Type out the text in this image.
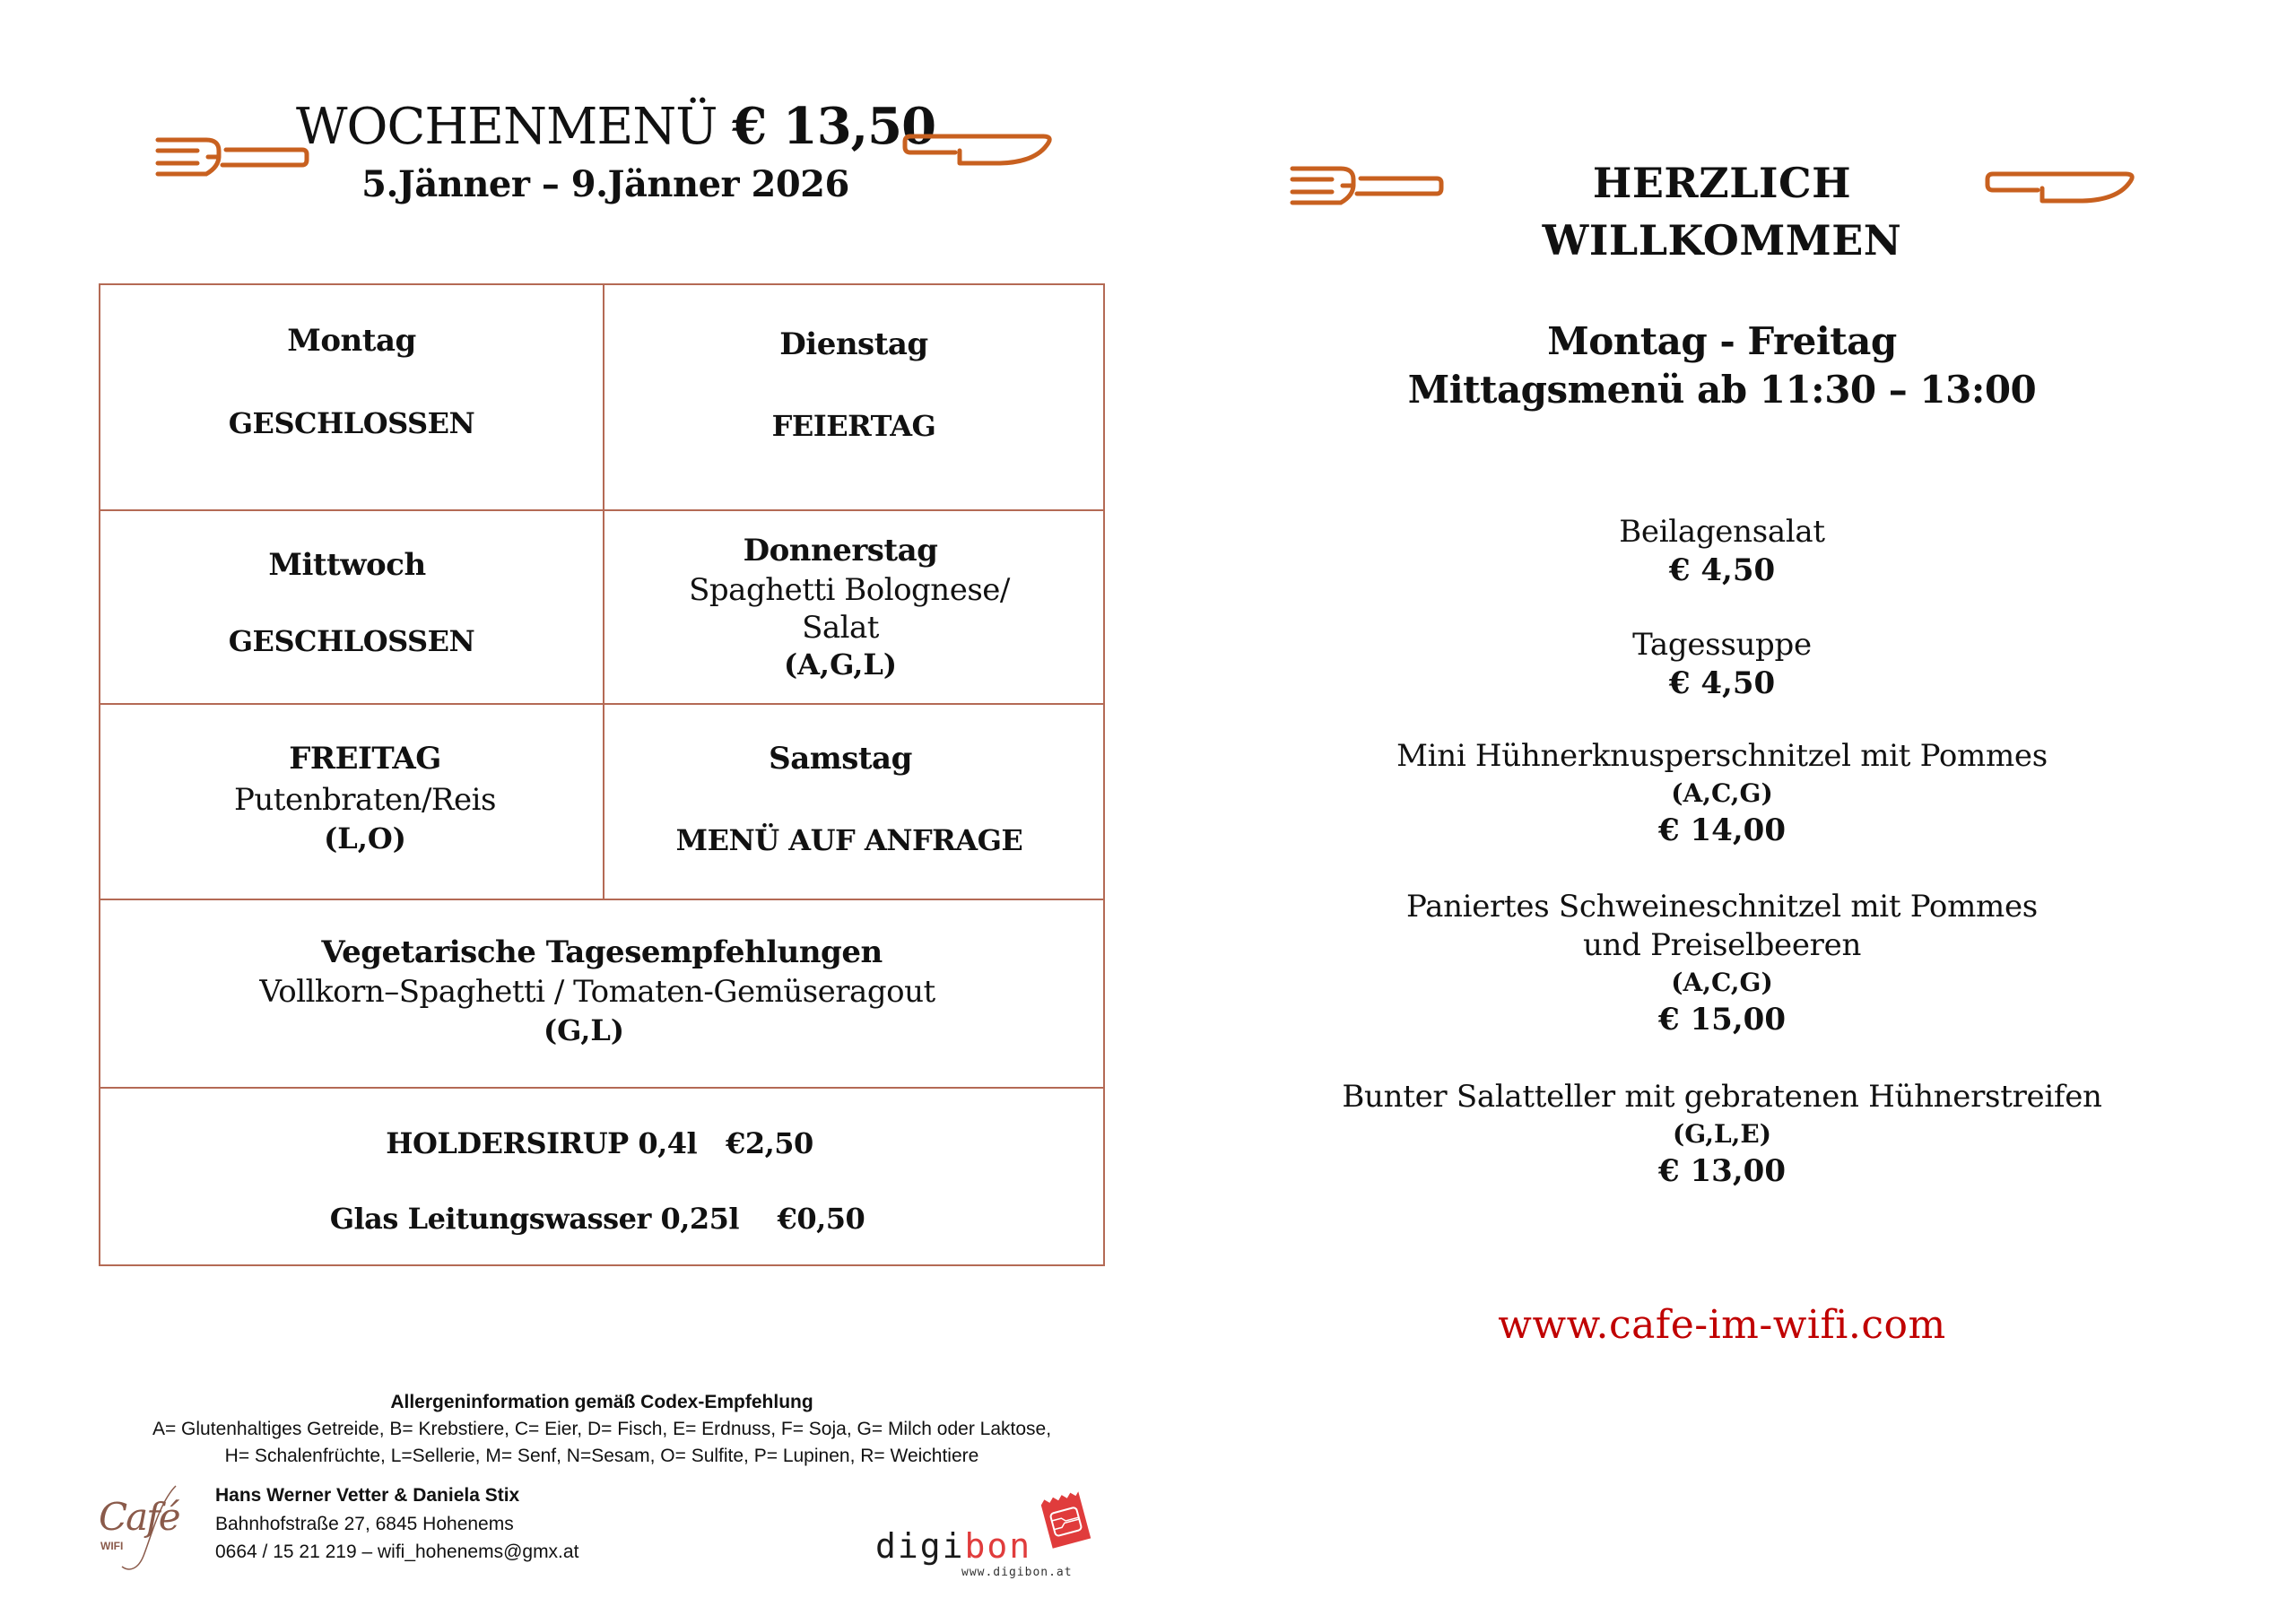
WOCHENMENÜ € 13,50
5.Jänner – 9.Jänner 2026
Montag
GESCHLOSSEN
Dienstag
FEIERTAG
Mittwoch
GESCHLOSSEN
Donnerstag
Spaghetti Bolognese/
Salat
(A,G,L)
FREITAG
Putenbraten/Reis
(L,O)
Samstag
MENÜ AUF ANFRAGE
Vegetarische Tagesempfehlungen
Vollkorn–Spaghetti / Tomaten-Gemüseragout
(G,L)
HOLDERSIRUP 0,4l €2,50
Glas Leitungswasser 0,25l €0,50
Allergeninformation gemäß Codex-Empfehlung
A= Glutenhaltiges Getreide, B= Krebstiere, C= Eier, D= Fisch, E= Erdnuss, F= Soja, G= Milch oder Laktose,
H= Schalenfrüchte, L=Sellerie, M= Senf, N=Sesam, O= Sulfite, P= Lupinen, R= Weichtiere
Café
WIFI
Hans Werner Vetter & Daniela Stix
Bahnhofstraße 27, 6845 Hohenems
0664 / 15 21 219 – wifi_hohenems@gmx.at	digibon
www.digibon.at
HERZLICH
WILLKOMMEN
Montag - Freitag
Mittagsmenü ab 11:30 – 13:00
Beilagensalat
€ 4,50
Tagessuppe
€ 4,50
Mini Hühnerknusperschnitzel mit Pommes
(A,C,G)
€ 14,00
Paniertes Schweineschnitzel mit Pommes
und Preiselbeeren
(A,C,G)
€ 15,00
Bunter Salatteller mit gebratenen Hühnerstreifen
(G,L,E)
€ 13,00
www.cafe-im-wifi.com
